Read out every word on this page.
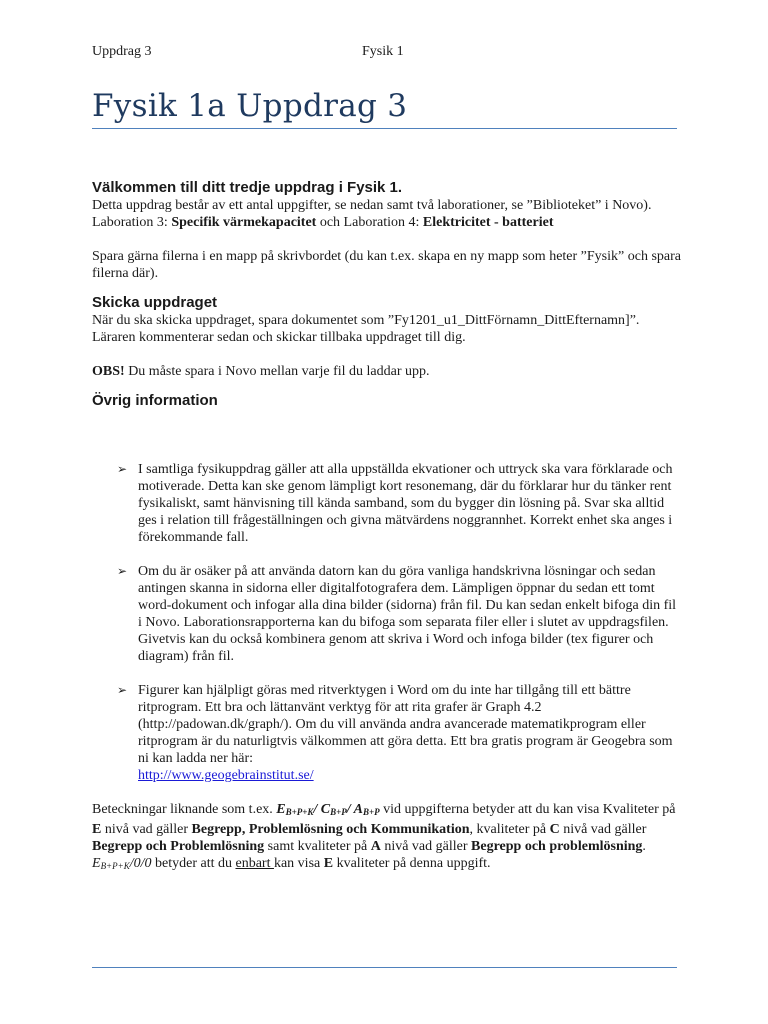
Uppdrag 3	Fysik 1
Fysik 1a Uppdrag 3
Välkommen till ditt tredje uppdrag i Fysik 1.

Detta uppdrag består av ett antal uppgifter, se nedan samt två laborationer, se ”Biblioteket” i Novo).

Laboration 3: Specifik värmekapacitet och Laboration 4: Elektricitet - batteriet

Spara gärna filerna i en mapp på skrivbordet (du kan t.ex. skapa en ny mapp som heter ”Fysik” och spara filerna där).

Skicka uppdraget

När du ska skicka uppdraget, spara dokumentet som ”Fy1201_u1_DittFörnamn_DittEfternamn]”. Läraren kommenterar sedan och skickar tillbaka uppdraget till dig.

OBS! Du måste spara i Novo mellan varje fil du laddar upp.

Övrig information
➢ I samtliga fysikuppdrag gäller att alla uppställda ekvationer och uttryck ska vara förklarade och motiverade. Detta kan ske genom lämpligt kort resonemang, där du förklarar hur du tänker rent fysikaliskt, samt hänvisning till kända samband, som du bygger din lösning på. Svar ska alltid ges i relation till frågeställningen och givna mätvärdens noggrannhet. Korrekt enhet ska anges i förekommande fall.
➢ Om du är osäker på att använda datorn kan du göra vanliga handskrivna lösningar och sedan antingen skanna in sidorna eller digitalfotografera dem. Lämpligen öppnar du sedan ett tomt word-dokument och infogar alla dina bilder (sidorna) från fil. Du kan sedan enkelt bifoga din fil i Novo. Laborationsrapporterna kan du bifoga som separata filer eller i slutet av uppdragsfilen. Givetvis kan du också kombinera genom att skriva i Word och infoga bilder (tex figurer och diagram) från fil.
➢ Figurer kan hjälpligt göras med ritverktygen i Word om du inte har tillgång till ett bättre ritprogram. Ett bra och lättanvänt verktyg för att rita grafer är Graph 4.2 (http://padowan.dk/graph/). Om du vill använda andra avancerade matematikprogram eller ritprogram är du naturligtvis välkommen att göra detta. Ett bra gratis program är Geogebra som ni kan ladda ner här:
http://www.geogebrainstitut.se/

Beteckningar liknande som t.ex. $E_{B+P+K}/$ $C_{B+P}/$ $A_{B+P}$ vid uppgifterna betyder att du kan visa Kvaliteter på E nivå vad gäller Begrepp, Problemlösning och Kommunikation, kvaliteter på C nivå vad gäller Begrepp och Problemlösning samt kvaliteter på A nivå vad gäller Begrepp och problemlösning. $E_{B+P+K}/0/0$ betyder att du enbart kan visa E kvaliteter på denna uppgift.
